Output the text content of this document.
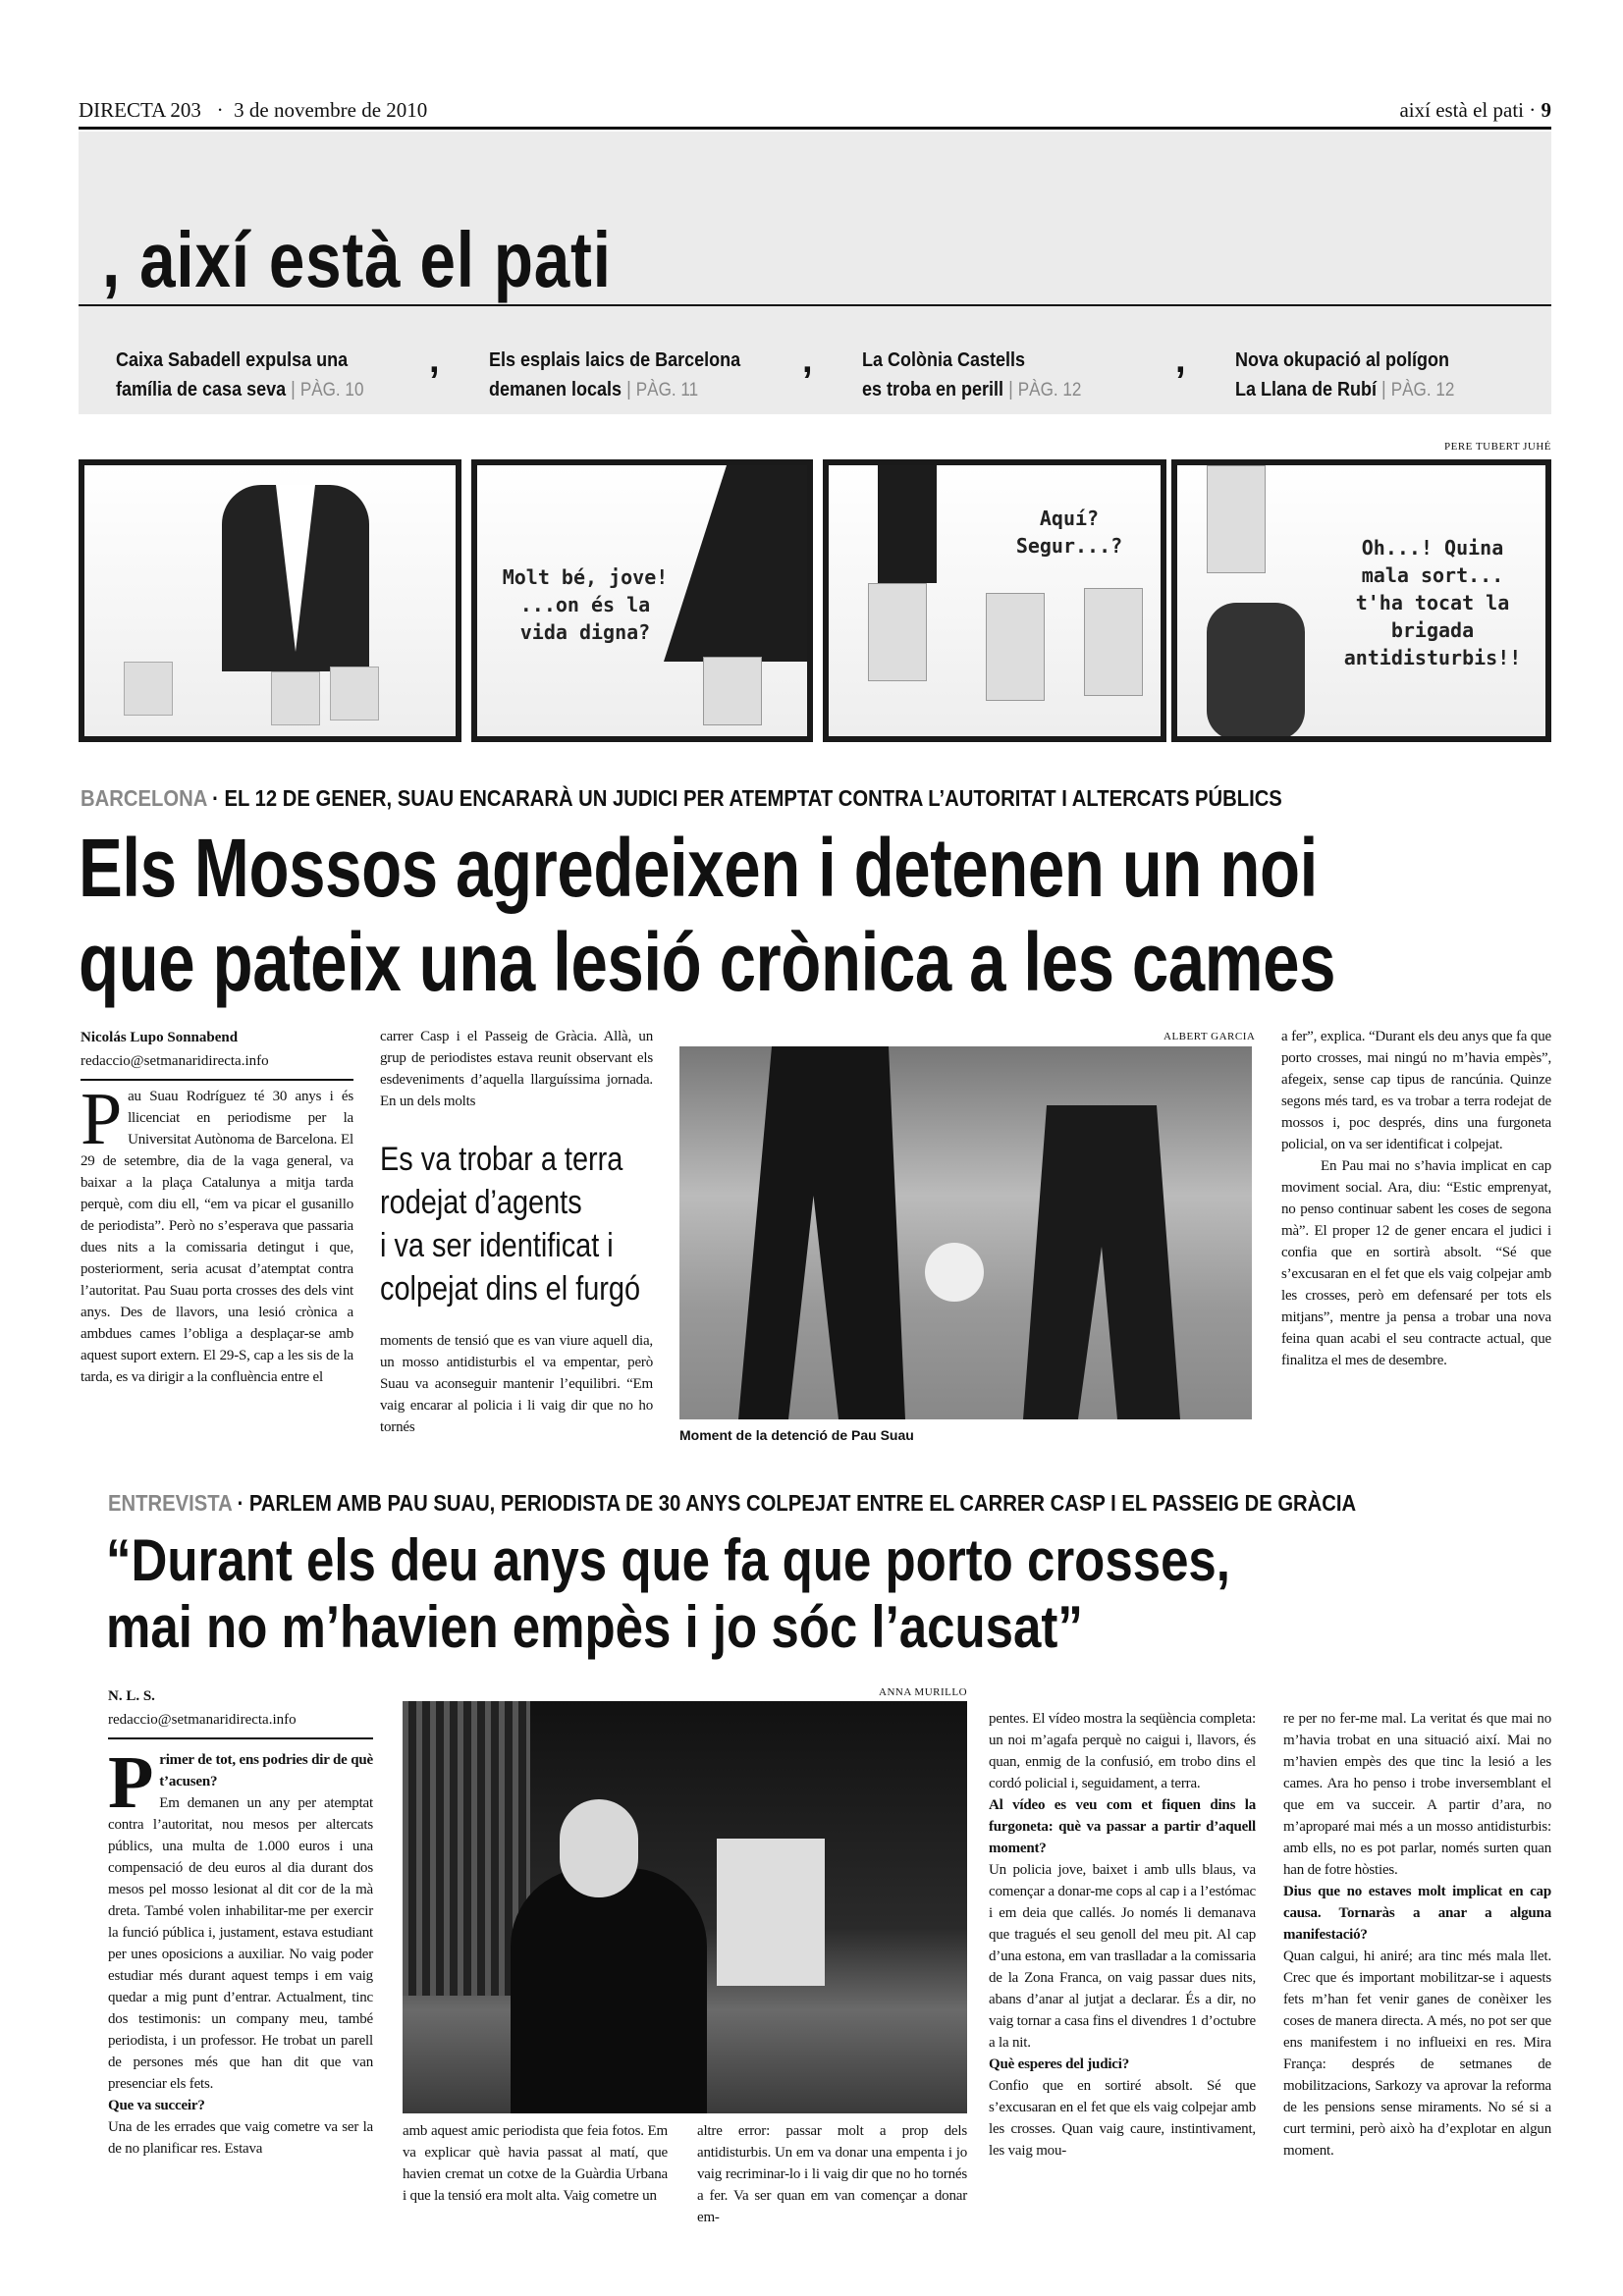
DIRECTA 203 · 3 de novembre de 2010	així està el pati · 9
, així està el pati
Caixa Sabadell expulsa una
família de casa seva | PÀG. 10
,	Els esplais laics de Barcelona
demanen locals | PÀG. 11
,	La Colònia Castells
es troba en perill | PÀG. 12
,	Nova okupació al polígon
La Llana de Rubí | PÀG. 12
PERE TUBERT JUHÉ
Molt bé, jove!
...on és la
vida digna?
Aquí?
Segur...?	Oh...! Quina
mala sort...
t'ha tocat la
brigada
antidisturbis!!
BARCELONA · EL 12 DE GENER, SUAU ENCARARÀ UN JUDICI PER ATEMPTAT CONTRA L’AUTORITAT I ALTERCATS PÚBLICS
Els Mossos agredeixen i detenen un noi
que pateix una lesió crònica a les cames
Nicolás Lupo Sonnabend
redaccio@setmanaridirecta.info
Pau Suau Rodríguez té 30 anys i és llicenciat en periodisme per la Universitat Autònoma de Barcelona. El 29 de setembre, dia de la vaga general, va baixar a la plaça Catalunya a mitja tarda perquè, com diu ell, “em va picar el gusanillo de periodista”. Però no s’esperava que passaria dues nits a la comissaria detingut i que, posteriorment, seria acusat d’atemptat contra l’autoritat. Pau Suau porta crosses des dels vint anys. Des de llavors, una lesió crònica a ambdues cames l’obliga a desplaçar-se amb aquest suport extern. El 29-S, cap a les sis de la tarda, es va dirigir a la confluència entre el
carrer Casp i el Passeig de Gràcia. Allà, un grup de periodistes estava reunit observant els esdeveniments d’aquella llarguíssima jornada. En un dels molts
Es va trobar a terra
rodejat d’agents
i va ser identificat i
colpejat dins el furgó
moments de tensió que es van viure aquell dia, un mosso antidisturbis el va empentar, però Suau va aconseguir mantenir l’equilibri. “Em vaig encarar al policia i li vaig dir que no ho tornés
ALBERT GARCIA
Moment de la detenció de Pau Suau

a fer”, explica. “Durant els deu anys que fa que porto crosses, mai ningú no m’havia empès”, afegeix, sense cap tipus de rancúnia. Quinze segons més tard, es va trobar a terra rodejat de mossos i, poc després, dins una furgoneta policial, on va ser identificat i colpejat.

En Pau mai no s’havia implicat en cap moviment social. Ara, diu: “Estic emprenyat, no penso continuar sabent les coses de segona mà”. El proper 12 de gener encara el judici i confia que en sortirà absolt. “Sé que s’excusaran en el fet que els vaig colpejar amb les crosses, però em defensaré per tots els mitjans”, mentre ja pensa a trobar una nova feina quan acabi el seu contracte actual, que finalitza el mes de desembre.

ENTREVISTA · PARLEM AMB PAU SUAU, PERIODISTA DE 30 ANYS COLPEJAT ENTRE EL CARRER CASP I EL PASSEIG DE GRÀCIA
“Durant els deu anys que fa que porto crosses,
mai no m’havien empès i jo sóc l’acusat”
N. L. S.
redaccio@setmanaridirecta.info
P rimer de tot, ens podries dir de què t’acusen?

Em demanen un any per atemptat contra l’autoritat, nou mesos per altercats públics, una multa de 1.000 euros i una compensació de deu euros al dia durant dos mesos pel mosso lesionat al dit cor de la mà dreta. També volen inhabilitar-me per exercir la funció pública i, justament, estava estudiant per unes oposicions a auxiliar. No vaig poder estudiar més durant aquest temps i em vaig quedar a mig punt d’entrar. Actualment, tinc dos testimonis: un company meu, també periodista, i un professor. He trobat un parell de persones més que han dit que van presenciar els fets.

Que va succeir?

Una de les errades que vaig cometre va ser la de no planificar res. Estava

ANNA MURILLO
amb aquest amic periodista que feia fotos. Em va explicar què havia passat al matí, que havien cremat un cotxe de la Guàrdia Urbana i que la tensió era molt alta. Vaig cometre un
altre error: passar molt a prop dels antidisturbis. Un em va donar una empenta i jo vaig recriminar-lo i li vaig dir que no ho tornés a fer. Va ser quan em van començar a donar em-

pentes. El vídeo mostra la seqüència completa: un noi m’agafa perquè no caigui i, llavors, és quan, enmig de la confusió, em trobo dins el cordó policial i, seguidament, a terra.

Al vídeo es veu com et fiquen dins la furgoneta: què va passar a partir d’aquell moment?

Un policia jove, baixet i amb ulls blaus, va començar a donar-me cops al cap i a l’estómac i em deia que callés. Jo només li demanava que tragués el seu genoll del meu pit. Al cap d’una estona, em van traslladar a la comissaria de la Zona Franca, on vaig passar dues nits, abans d’anar al jutjat a declarar. És a dir, no vaig tornar a casa fins el divendres 1 d’octubre a la nit.

Què esperes del judici?

Confio que en sortiré absolt. Sé que s’excusaran en el fet que els vaig colpejar amb les crosses. Quan vaig caure, instintivament, les vaig mou-

re per no fer-me mal. La veritat és que mai no m’havia trobat en una situació així. Mai no m’havien empès des que tinc la lesió a les cames. Ara ho penso i trobe inversemblant el que em va succeir. A partir d’ara, no m’aproparé mai més a un mosso antidisturbis: amb ells, no es pot parlar, només surten quan han de fotre hòsties.

Dius que no estaves molt implicat en cap causa. Tornaràs a anar a alguna manifestació?

Quan calgui, hi aniré; ara tinc més mala llet. Crec que és important mobilitzar-se i aquests fets m’han fet venir ganes de conèixer les coses de manera directa. A més, no pot ser que ens manifestem i no influeixi en res. Mira França: després de setmanes de mobilitzacions, Sarkozy va aprovar la reforma de les pensions sense miraments. No sé si a curt termini, però això ha d’explotar en algun moment.
